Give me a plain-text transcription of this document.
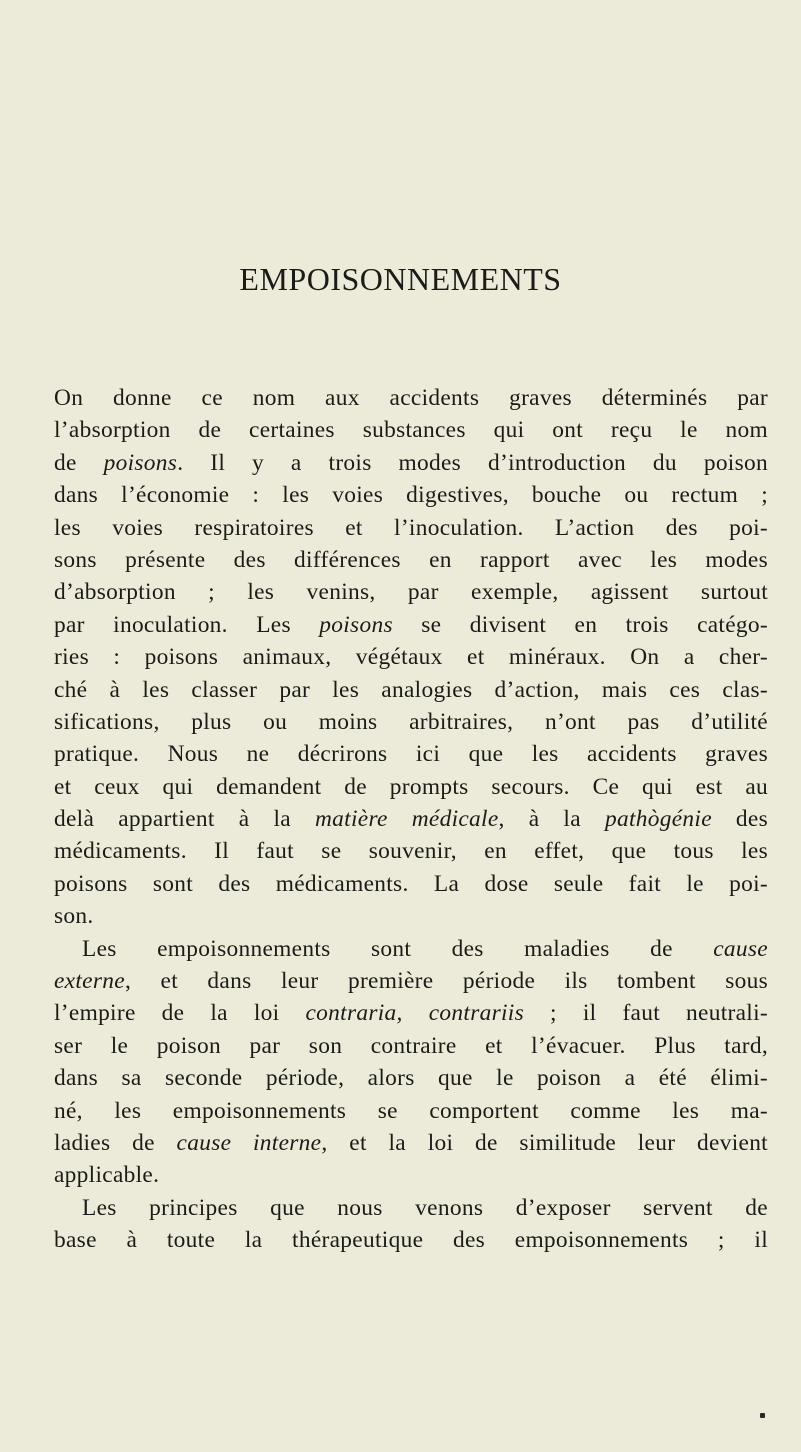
EMPOISONNEMENTS
On donne ce nom aux accidents graves déterminés par
l’absorption de certaines substances qui ont reçu le nom
de poisons. Il y a trois modes d’introduction du poison
dans l’économie : les voies digestives, bouche ou rectum ;
les voies respiratoires et l’inoculation. L’action des poi-
sons présente des différences en rapport avec les modes
d’absorption ; les venins, par exemple, agissent surtout
par inoculation. Les poisons se divisent en trois catégo-
ries : poisons animaux, végétaux et minéraux. On a cher-
ché à les classer par les analogies d’action, mais ces clas-
sifications, plus ou moins arbitraires, n’ont pas d’utilité
pratique. Nous ne décrirons ici que les accidents graves
et ceux qui demandent de prompts secours. Ce qui est au
delà appartient à la matière médicale, à la pathògénie des
médicaments. Il faut se souvenir, en effet, que tous les
poisons sont des médicaments. La dose seule fait le poi-
son.
Les empoisonnements sont des maladies de cause
externe, et dans leur première période ils tombent sous
l’empire de la loi contraria, contrariis ; il faut neutrali-
ser le poison par son contraire et l’évacuer. Plus tard,
dans sa seconde période, alors que le poison a été élimi-
né, les empoisonnements se comportent comme les ma-
ladies de cause interne, et la loi de similitude leur devient
applicable.
Les principes que nous venons d’exposer servent de
base à toute la thérapeutique des empoisonnements ; il
